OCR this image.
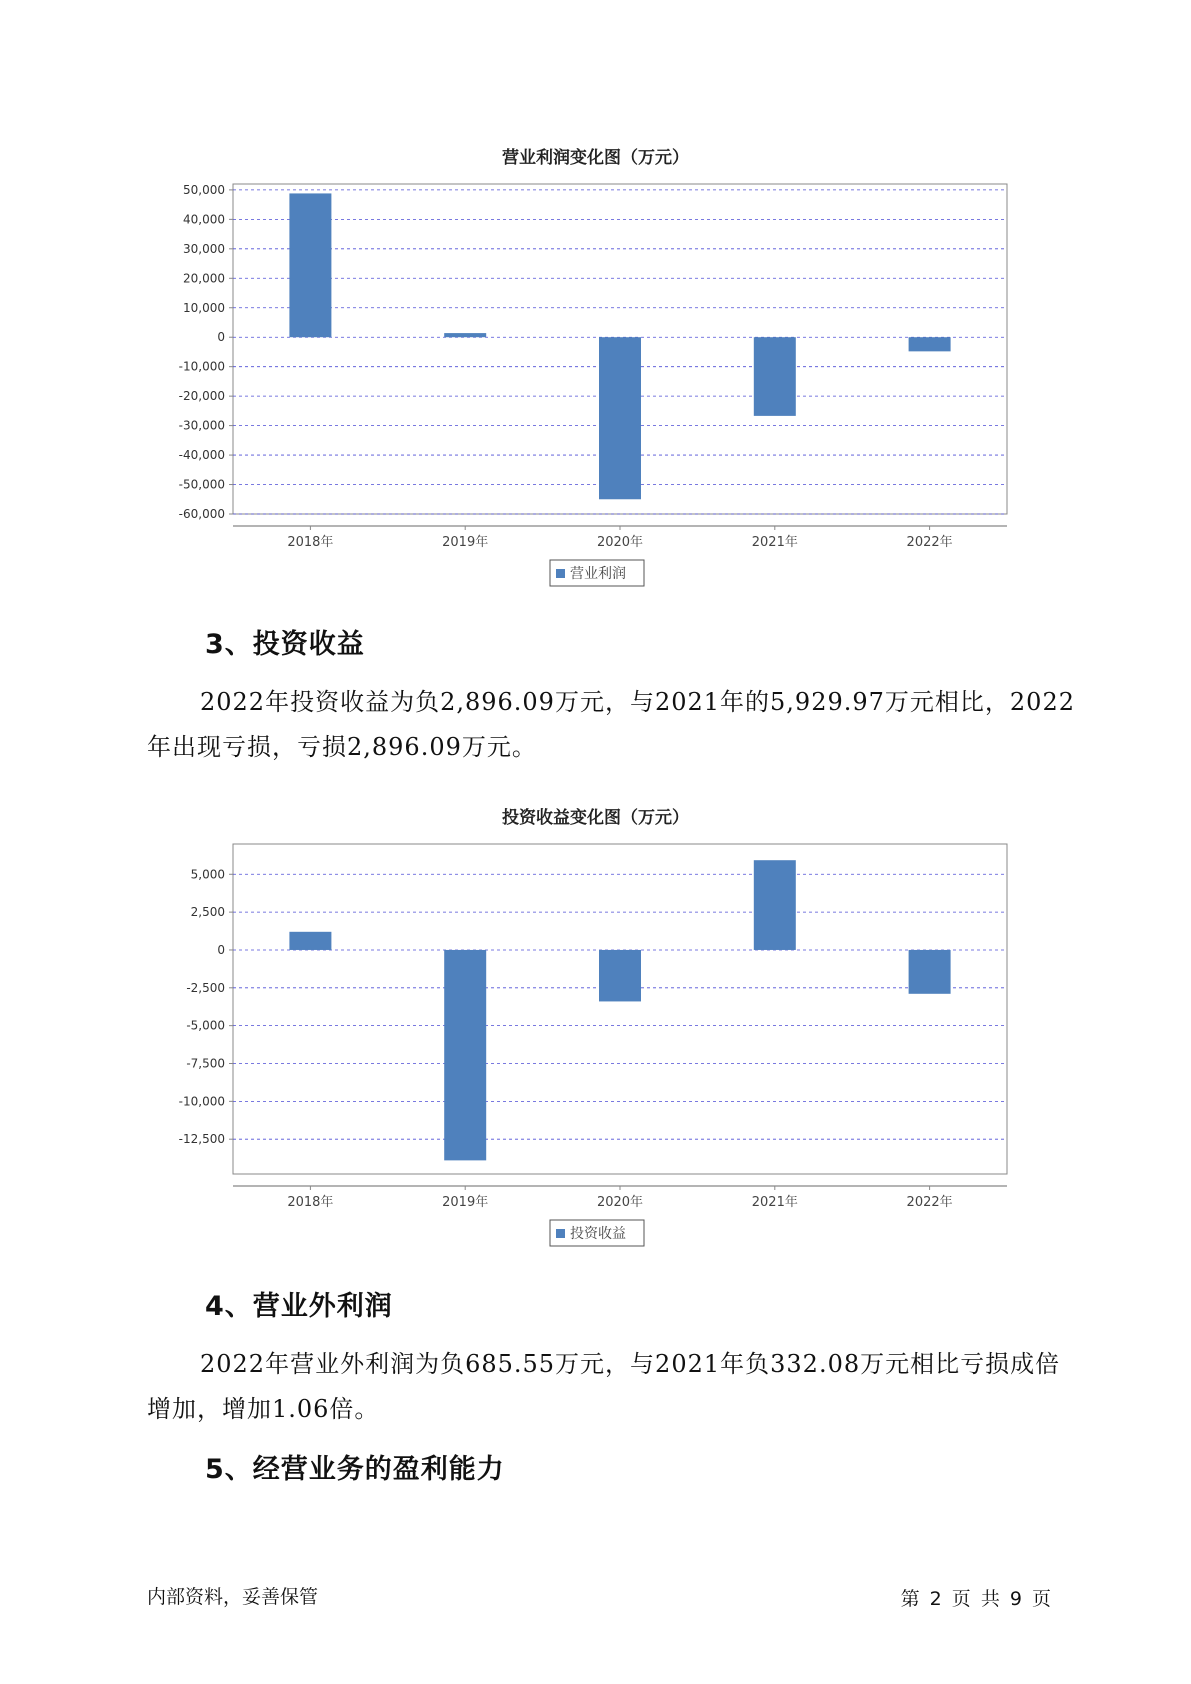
营业利润变化图（万元）
50,000
40,000
30,000
20,000
10,000
0
-10,000
-20,000
-30,000
-40,000
-50,000
-60,000
2018年	2019年	2020年	2021年	2022年
营业利润
3、投资收益
2022年投资收益为负2,896.09万元，与2021年的5,929.97万元相比，2022年出现亏损，亏损2,896.09万元。
投资收益变化图（万元）
5,000
2,500
0
-2,500
-5,000
-7,500
-10,000
-12,500
2018年	2019年	2020年	2021年	2022年
投资收益
4、营业外利润
2022年营业外利润为负685.55万元，与2021年负332.08万元相比亏损成倍增加，增加1.06倍。
5、经营业务的盈利能力
内部资料，妥善保管	第 2 页 共 9 页
